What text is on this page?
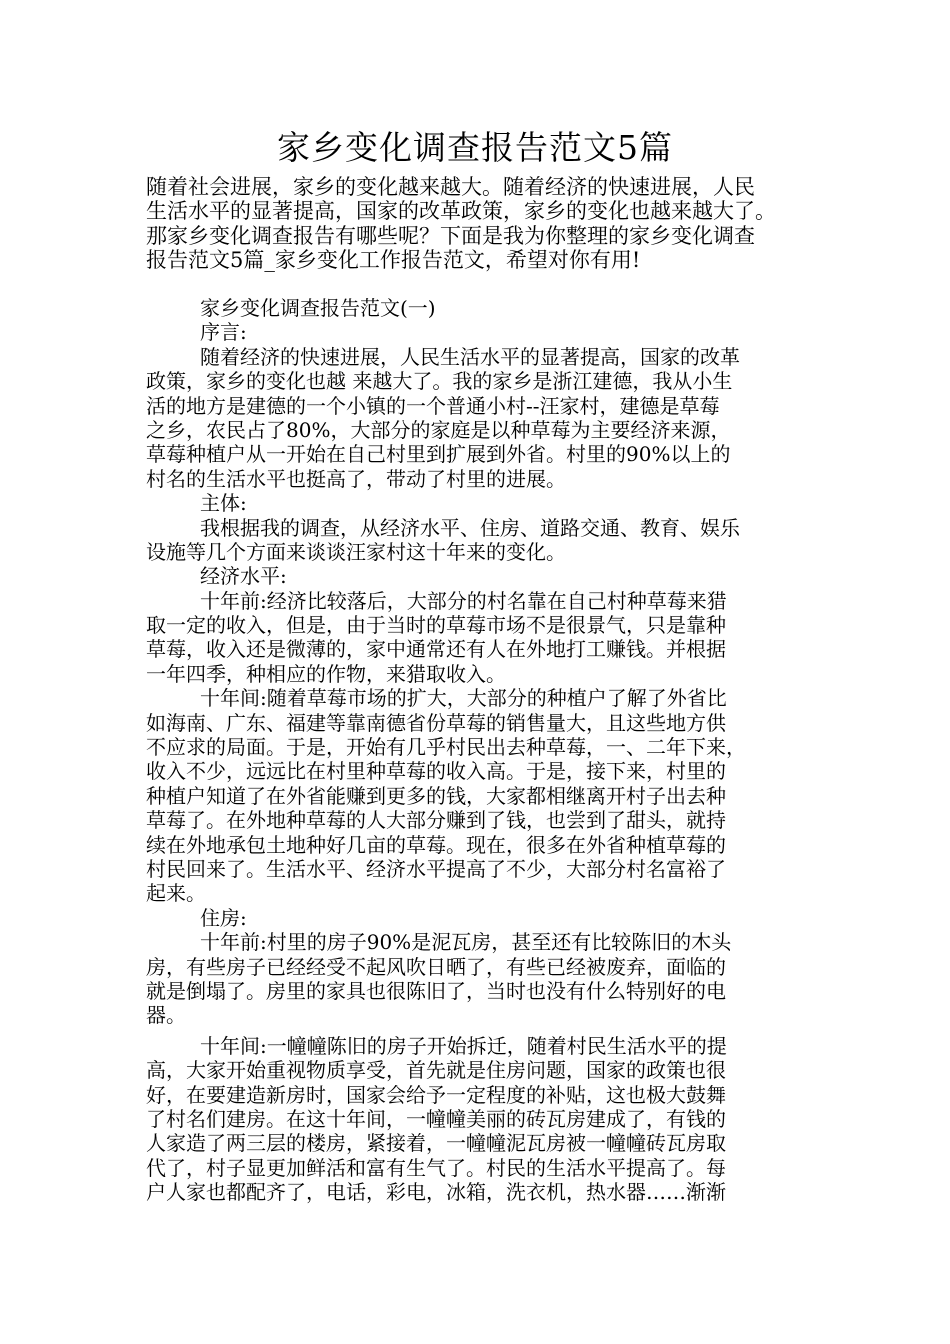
家乡变化调查报告范文5篇
随着社会进展，家乡的变化越来越大。随着经济的快速进展，人民
生活水平的显著提高，国家的改革政策，家乡的变化也越来越大了。
那家乡变化调查报告有哪些呢？下面是我为你整理的家乡变化调查
报告范文5篇_家乡变化工作报告范文，希望对你有用!
家乡变化调查报告范文(一)
序言:
随着经济的快速进展，人民生活水平的显著提高，国家的改革
政策，家乡的变化也越 来越大了。我的家乡是浙江建德，我从小生
活的地方是建德的一个小镇的一个普通小村--汪家村，建德是草莓
之乡，农民占了80%，大部分的家庭是以种草莓为主要经济来源，
草莓种植户从一开始在自己村里到扩展到外省。村里的90%以上的
村名的生活水平也挺高了，带动了村里的进展。
主体:
我根据我的调查，从经济水平、住房、道路交通、教育、娱乐
设施等几个方面来谈谈汪家村这十年来的变化。
经济水平:
十年前:经济比较落后，大部分的村名靠在自己村种草莓来猎
取一定的收入，但是，由于当时的草莓市场不是很景气，只是靠种
草莓，收入还是微薄的，家中通常还有人在外地打工赚钱。并根据
一年四季，种相应的作物，来猎取收入。
十年间:随着草莓市场的扩大，大部分的种植户了解了外省比
如海南、广东、福建等靠南德省份草莓的销售量大，且这些地方供
不应求的局面。于是，开始有几乎村民出去种草莓，一、二年下来，
收入不少，远远比在村里种草莓的收入高。于是，接下来，村里的
种植户知道了在外省能赚到更多的钱，大家都相继离开村子出去种
草莓了。在外地种草莓的人大部分赚到了钱，也尝到了甜头，就持
续在外地承包土地种好几亩的草莓。现在，很多在外省种植草莓的
村民回来了。生活水平、经济水平提高了不少，大部分村名富裕了
起来。
住房:
十年前:村里的房子90%是泥瓦房，甚至还有比较陈旧的木头
房，有些房子已经经受不起风吹日晒了，有些已经被废弃，面临的
就是倒塌了。房里的家具也很陈旧了，当时也没有什么特别好的电
器。
十年间:一幢幢陈旧的房子开始拆迁，随着村民生活水平的提
高，大家开始重视物质享受，首先就是住房问题，国家的政策也很
好，在要建造新房时，国家会给予一定程度的补贴，这也极大鼓舞
了村名们建房。在这十年间，一幢幢美丽的砖瓦房建成了，有钱的
人家造了两三层的楼房，紧接着，一幢幢泥瓦房被一幢幢砖瓦房取
代了，村子显更加鲜活和富有生气了。村民的生活水平提高了。每
户人家也都配齐了，电话，彩电，冰箱，洗衣机，热水器……渐渐
